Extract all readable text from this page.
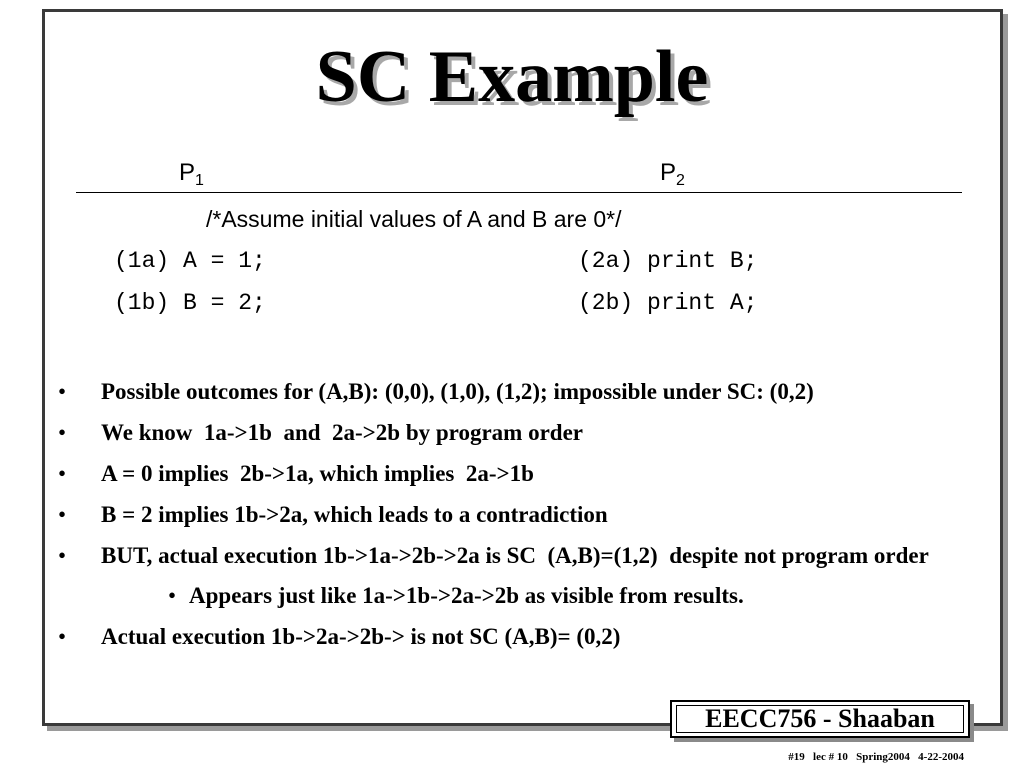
SC Example
$P_1$	$P_2$
/*Assume initial values of A and B are 0*/
(1a) A = 1;
(1b) B = 2;
(2a) print B;
(2b) print A;
• Possible outcomes for (A,B): (0,0), (1,0), (1,2); impossible under SC: (0,2)
• We know  1a->1b  and  2a->2b by program order
• A = 0 implies  2b->1a, which implies  2a->1b
• B = 2 implies 1b->2a, which leads to a contradiction
• BUT, actual execution 1b->1a->2b->2a is SC  (A,B)=(1,2)  despite not program order
• Appears just like 1a->1b->2a->2b as visible from results.
• Actual execution 1b->2a->2b-> is not SC (A,B)= (0,2)
EECC756 - Shaaban
#19   lec # 10   Spring2004   4-22-2004
